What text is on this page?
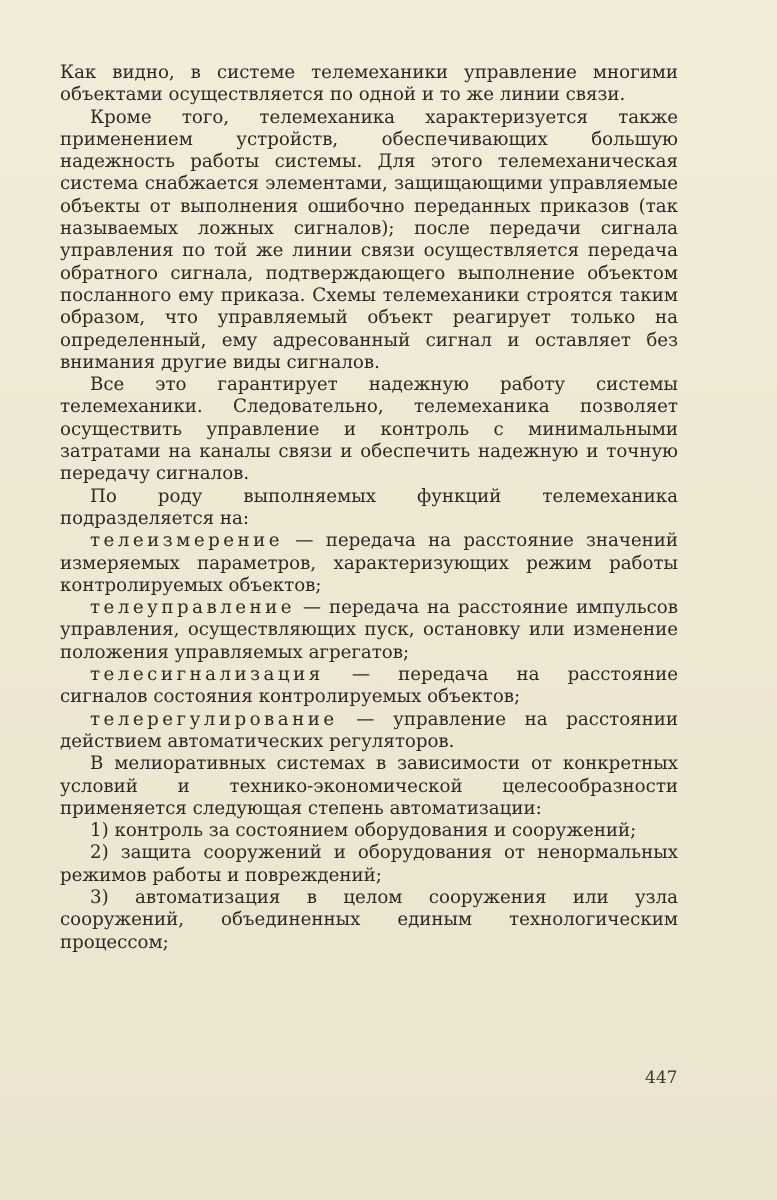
Как видно, в системе телемеханики управление многими объектами осуществляется по одной и то же линии связи.

Кроме того, телемеханика характеризуется также применением устройств, обеспечивающих большую надежность работы системы. Для этого телемеханическая система снабжается элементами, защищающими управляемые объекты от выполнения ошибочно переданных приказов (так называемых ложных сигналов); после передачи сигнала управления по той же линии связи осуществляется передача обратного сигнала, подтверждающего выполнение объектом посланного ему приказа. Схемы телемеханики строятся таким образом, что управляемый объект реагирует только на определенный, ему адресованный сигнал и оставляет без внимания другие виды сигналов.

Все это гарантирует надежную работу системы телемеханики. Следовательно, телемеханика позволяет осуществить управление и контроль с минимальными затратами на каналы связи и обеспечить надежную и точную передачу сигналов.

По роду выполняемых функций телемеханика подразделяется на:

телеизмерение — передача на расстояние значений измеряемых параметров, характеризующих режим работы контролируемых объектов;

телеуправление — передача на расстояние импульсов управления, осуществляющих пуск, остановку или изменение положения управляемых агрегатов;

телесигнализация — передача на расстояние сигналов состояния контролируемых объектов;

телерегулирование — управление на расстоянии действием автоматических регуляторов.

В мелиоративных системах в зависимости от конкретных условий и технико-экономической целесообразности применяется следующая степень автоматизации:

1) контроль за состоянием оборудования и сооружений;

2) защита сооружений и оборудования от ненормальных режимов работы и повреждений;

3) автоматизация в целом сооружения или узла сооружений, объединенных единым технологическим процессом;

447
